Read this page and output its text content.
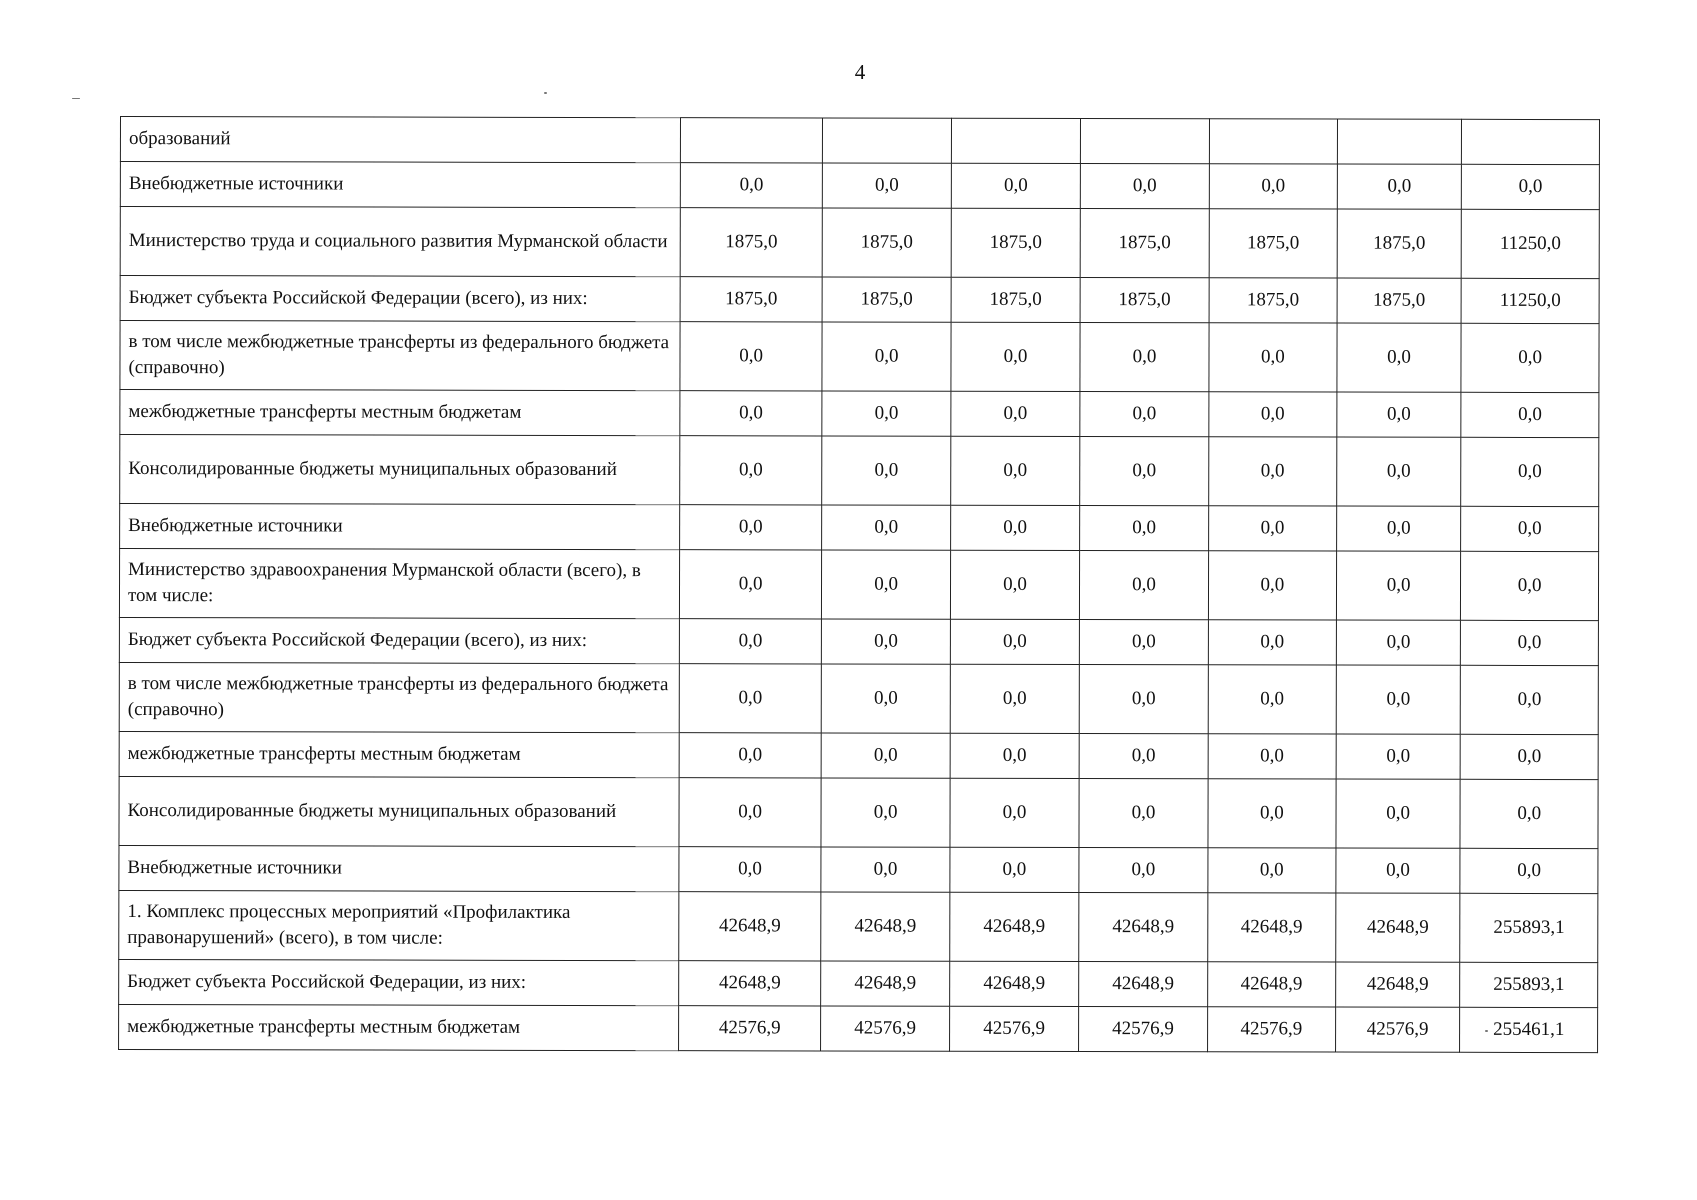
4
образований							
Внебюджетные источники	0,0	0,0	0,0	0,0	0,0	0,0	0,0
Министерство труда и социального развития Мурманской области	1875,0	1875,0	1875,0	1875,0	1875,0	1875,0	11250,0
Бюджет субъекта Российской Федерации (всего), из них:	1875,0	1875,0	1875,0	1875,0	1875,0	1875,0	11250,0
в том числе межбюджетные трансферты из федерального бюджета (справочно)	0,0	0,0	0,0	0,0	0,0	0,0	0,0
межбюджетные трансферты местным бюджетам	0,0	0,0	0,0	0,0	0,0	0,0	0,0
Консолидированные бюджеты муниципальных образований	0,0	0,0	0,0	0,0	0,0	0,0	0,0
Внебюджетные источники	0,0	0,0	0,0	0,0	0,0	0,0	0,0
Министерство здравоохранения Мурманской области (всего), в том числе:	0,0	0,0	0,0	0,0	0,0	0,0	0,0
Бюджет субъекта Российской Федерации (всего), из них:	0,0	0,0	0,0	0,0	0,0	0,0	0,0
в том числе межбюджетные трансферты из федерального бюджета (справочно)	0,0	0,0	0,0	0,0	0,0	0,0	0,0
межбюджетные трансферты местным бюджетам	0,0	0,0	0,0	0,0	0,0	0,0	0,0
Консолидированные бюджеты муниципальных образований	0,0	0,0	0,0	0,0	0,0	0,0	0,0
Внебюджетные источники	0,0	0,0	0,0	0,0	0,0	0,0	0,0
1. Комплекс процессных мероприятий «Профилактика правонарушений» (всего), в том числе:	42648,9	42648,9	42648,9	42648,9	42648,9	42648,9	255893,1
Бюджет субъекта Российской Федерации, из них:	42648,9	42648,9	42648,9	42648,9	42648,9	42648,9	255893,1
межбюджетные трансферты местным бюджетам	42576,9	42576,9	42576,9	42576,9	42576,9	42576,9	255461,1
